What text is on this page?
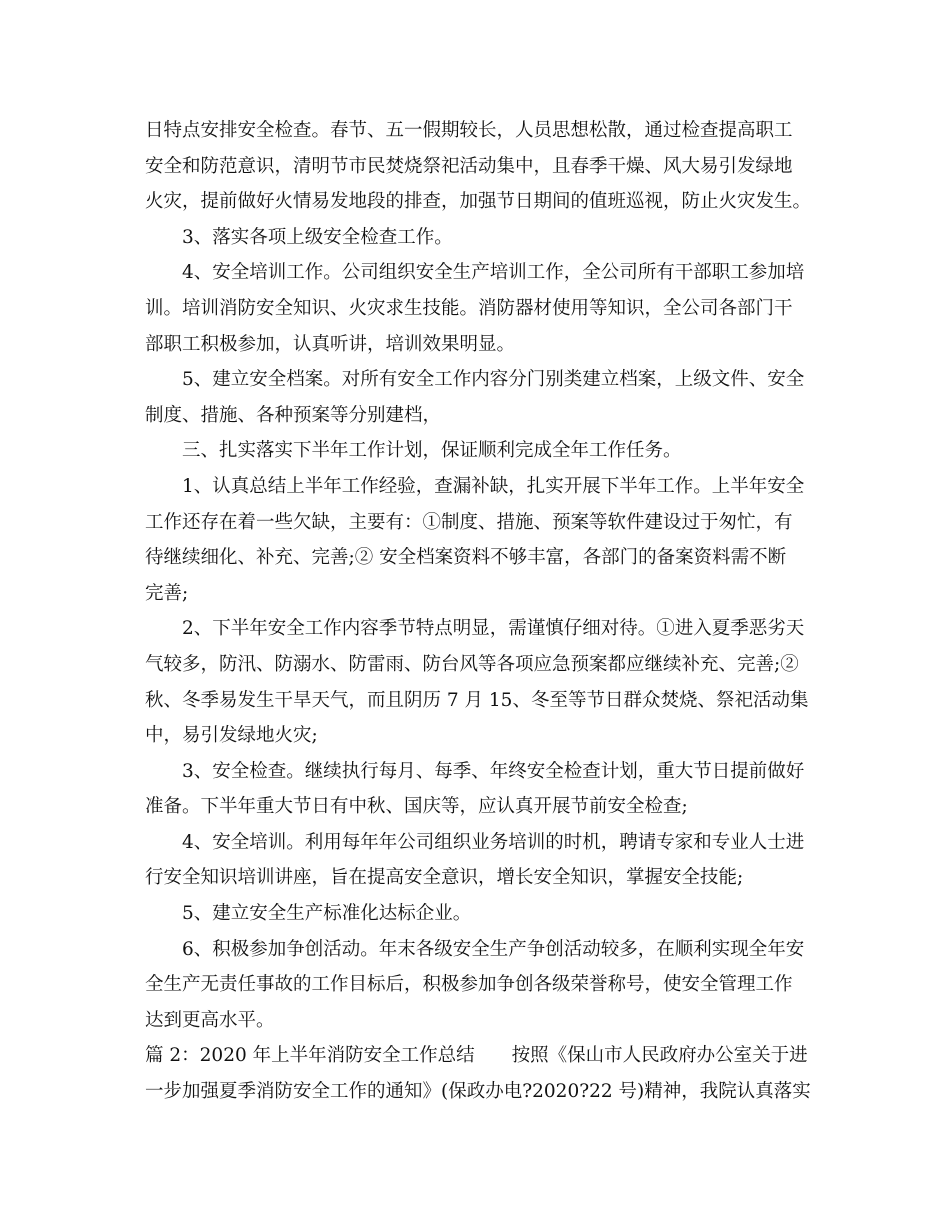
日特点安排安全检查。春节、五一假期较长，人员思想松散，通过检查提高职工
安全和防范意识，清明节市民焚烧祭祀活动集中，且春季干燥、风大易引发绿地
火灾，提前做好火情易发地段的排查，加强节日期间的值班巡视，防止火灾发生。
3、落实各项上级安全检查工作。
4、安全培训工作。公司组织安全生产培训工作，全公司所有干部职工参加培
训。培训消防安全知识、火灾求生技能。消防器材使用等知识，全公司各部门干
部职工积极参加，认真听讲，培训效果明显。
5、建立安全档案。对所有安全工作内容分门别类建立档案，上级文件、安全
制度、措施、各种预案等分别建档，
三、扎实落实下半年工作计划，保证顺利完成全年工作任务。
1、认真总结上半年工作经验，查漏补缺，扎实开展下半年工作。上半年安全
工作还存在着一些欠缺，主要有：①制度、措施、预案等软件建设过于匆忙，有
待继续细化、补充、完善;② 安全档案资料不够丰富，各部门的备案资料需不断
完善;
2、下半年安全工作内容季节特点明显，需谨慎仔细对待。①进入夏季恶劣天
气较多，防汛、防溺水、防雷雨、防台风等各项应急预案都应继续补充、完善;②
秋、冬季易发生干旱天气，而且阴历 7 月 15、冬至等节日群众焚烧、祭祀活动集
中，易引发绿地火灾;
3、安全检查。继续执行每月、每季、年终安全检查计划，重大节日提前做好
准备。下半年重大节日有中秋、国庆等，应认真开展节前安全检查;
4、安全培训。利用每年年公司组织业务培训的时机，聘请专家和专业人士进
行安全知识培训讲座，旨在提高安全意识，增长安全知识，掌握安全技能;
5、建立安全生产标准化达标企业。
6、积极参加争创活动。年末各级安全生产争创活动较多，在顺利实现全年安
全生产无责任事故的工作目标后，积极参加争创各级荣誉称号，使安全管理工作
达到更高水平。
篇 2：2020 年上半年消防安全工作总结　　按照《保山市人民政府办公室关于进
一步加强夏季消防安全工作的通知》(保政办电?2020?22 号)精神，我院认真落实
